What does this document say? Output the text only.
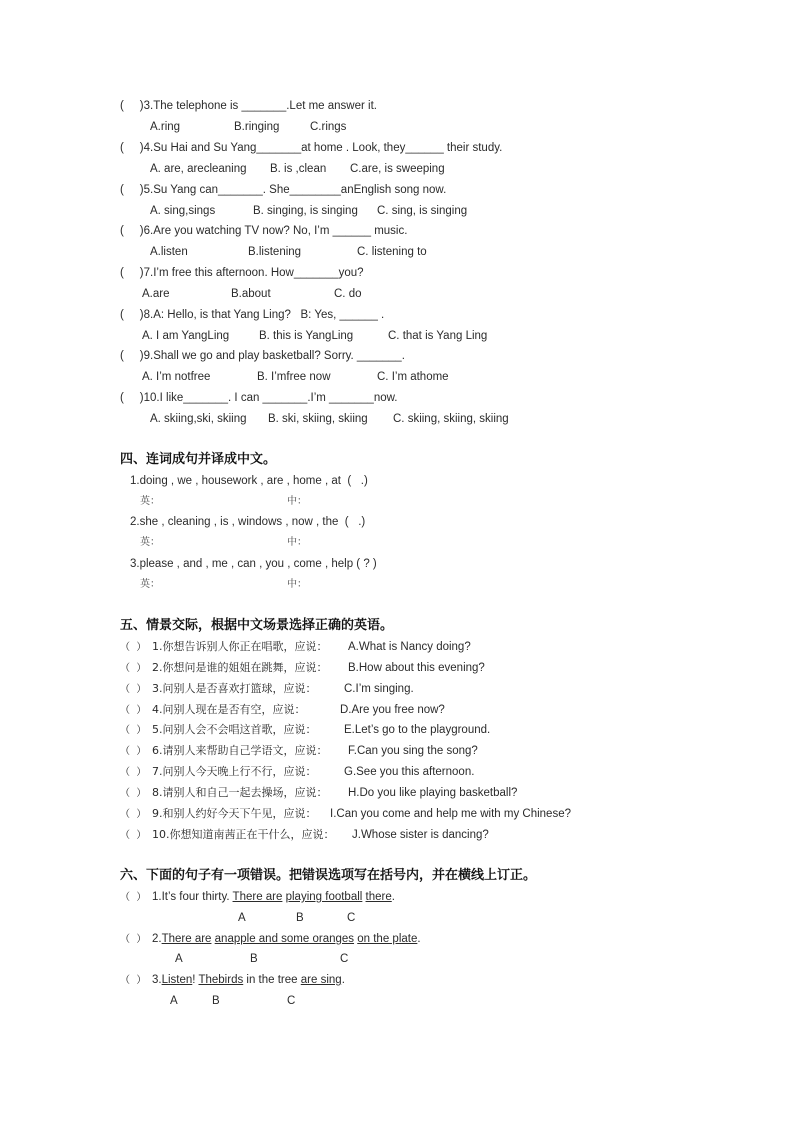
(     )3.The telephone is _______.Let me answer it.
A.ring	B.ringing	C.rings
(     )4.Su Hai and Su Yang_______at home . Look, they______ their study.
A. are, arecleaning B. is ,clean C.are, is sweeping
(     )5.Su Yang can_______. She________anEnglish song now.
A. sing,sings	B. singing, is singing C. sing, is singing
(     )6.Are you watching TV now? No, I’m ______ music.
A.listen	B.listening	C. listening to
(     )7.I’m free this afternoon. How_______you?
A.are	B.about	C. do
(     )8.A: Hello, is that Yang Ling?   B: Yes, ______ .
A. I am YangLing	B. this is YangLing	C. that is Yang Ling
(     )9.Shall we go and play basketball? Sorry. _______.
A. I’m notfree	B. I’mfree now	C. I’m athome
(     )10.I like_______. I can _______.I’m _______now.
A. skiing,ski, skiing B. ski, skiing, skiing C. skiing, skiing, skiing
四、连词成句并译成中文。
1.doing , we , housework , are , home , at  (   .)
英：	中：
2.she , cleaning , is , windows , now , the  (   .)
英：	中：
3.please , and , me , can , you , come , help ( ? )
英：	中：
五、情景交际，根据中文场景选择正确的英语。
（  ） 1.你想告诉别人你正在唱歌，应说： A.What is Nancy doing?
（  ） 2.你想问是谁的姐姐在跳舞，应说： B.How about this evening?
（  ） 3.问别人是否喜欢打篮球，应说： C.I’m singing.
（  ） 4.问别人现在是否有空，应说：	D.Are you free now?
（  ） 5.问别人会不会唱这首歌，应说： E.Let’s go to the playground.
（  ） 6.请别人来帮助自己学语文，应说： F.Can you sing the song?
（  ） 7.问别人今天晚上行不行，应说： G.See you this afternoon.
（  ） 8.请别人和自己一起去操场，应说： H.Do you like playing basketball?
（  ） 9.和别人约好今天下午见，应说： I.Can you come and help me with my Chinese?
（  ） 10.你想知道南茜正在干什么，应说： J.Whose sister is dancing?
六、下面的句子有一项错误。把错误选项写在括号内，并在横线上订正。
（  ） 1.It’s four thirty. There are playing football there.
A	B	C
（  ） 2.There are anapple and some oranges on the plate.
A	B	C
（  ） 3.Listen! Thebirds in the tree are sing.
A	B	C
